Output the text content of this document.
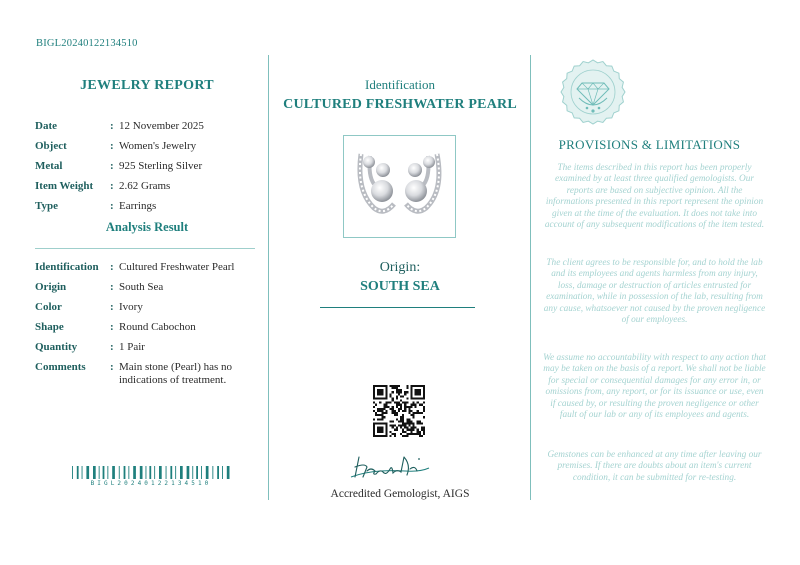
BIGL20240122134510
JEWELRY REPORT
Date	: 12 November 2025
Object	: Women's Jewelry
Metal	: 925 Sterling Silver
Item Weight	: 2.62 Grams
Type	: Earrings
Analysis Result
Identification	: Cultured Freshwater Pearl
Origin	: South Sea
Color	: Ivory
Shape	: Round Cabochon
Quantity	: 1 Pair
Comments	: Main stone (Pearl) has no indications of treatment.
BIGL20240122134510
Identification
CULTURED FRESHWATER PEARL
Origin:
SOUTH SEA
Accredited Gemologist, AIGS
PROVISIONS & LIMITATIONS
The items described in this report has been properly examined by at least three qualified gemologists. Our reports are based on subjective opinion. All the informations presented in this report represent the opinion given at the time of the evaluation. It does not take into account of any subsequent modifications of the item tested.
The client agrees to be responsible for, and to hold the lab and its employees and agents harmless from any injury, loss, damage or destruction of articles entrusted for examination, while in possession of the lab, resulting from any cause, whatsoever not caused by the proven negligence of our employees.
We assume no accountability with respect to any action that may be taken on the basis of a report. We shall not be liable for special or consequential damages for any error in, or omissions from, any report, or for its issuance or use, even if caused by, or resulting the proven negligence or other fault of our lab or any of its employees and agents.
Gemstones can be enhanced at any time after leaving our premises. If there are doubts about an item's current condition, it can be submitted for re-testing.
